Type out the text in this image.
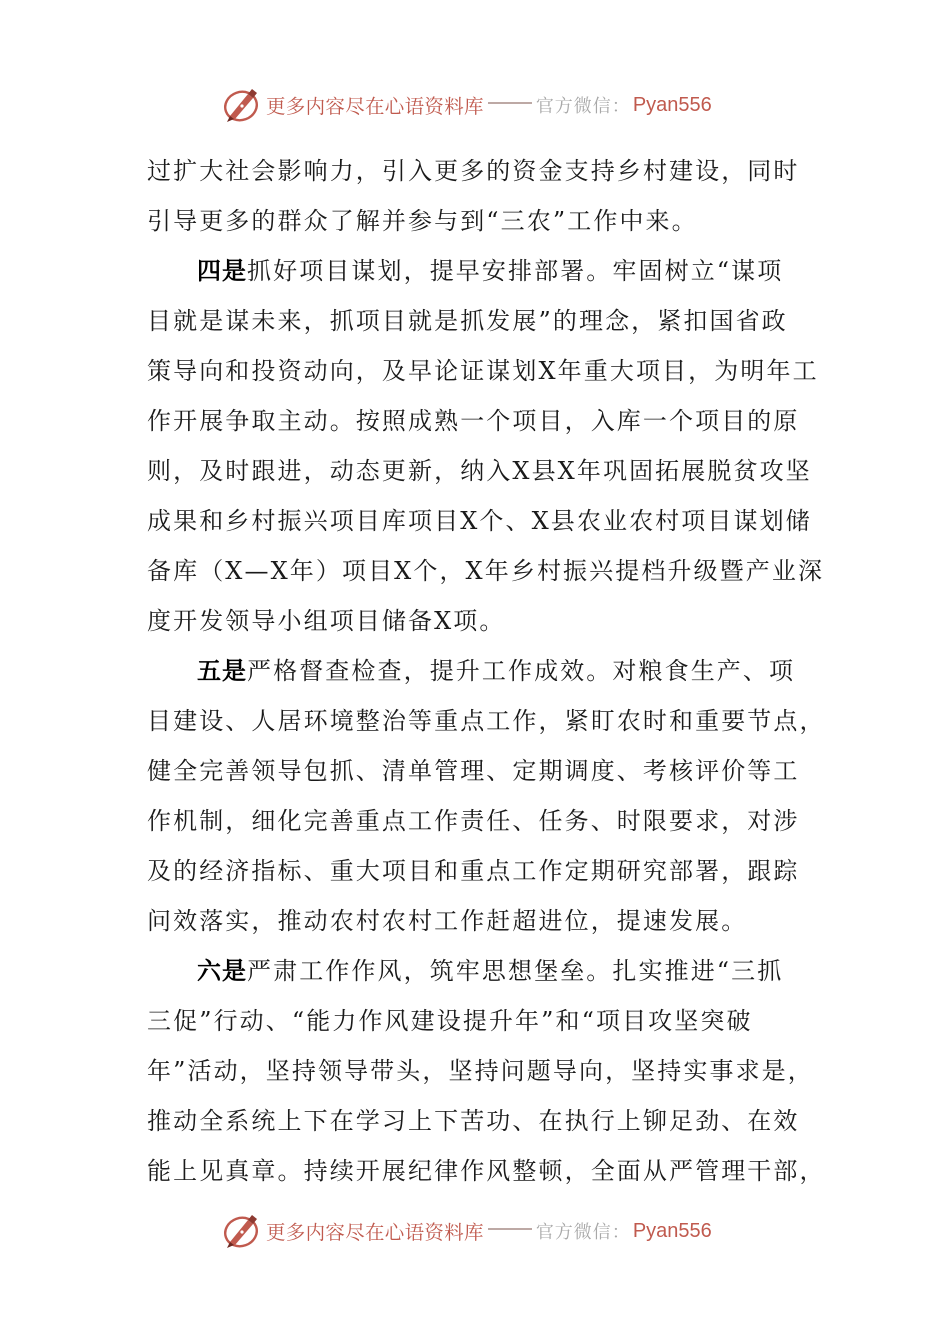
更多内容尽在心语资料库	官方微信： Pyan556
过扩大社会影响力，引入更多的资金支持乡村建设，同时
引导更多的群众了解并参与到“三农”工作中来。
四是抓好项目谋划，提早安排部署。牢固树立“谋项
目就是谋未来，抓项目就是抓发展”的理念，紧扣国省政
策导向和投资动向，及早论证谋划X年重大项目，为明年工
作开展争取主动。按照成熟一个项目，入库一个项目的原
则，及时跟进，动态更新，纳入X县X年巩固拓展脱贫攻坚
成果和乡村振兴项目库项目X个、X县农业农村项目谋划储
备库（X—X年）项目X个，X年乡村振兴提档升级暨产业深
度开发领导小组项目储备X项。
五是严格督查检查，提升工作成效。对粮食生产、项
目建设、人居环境整治等重点工作，紧盯农时和重要节点，
健全完善领导包抓、清单管理、定期调度、考核评价等工
作机制，细化完善重点工作责任、任务、时限要求，对涉
及的经济指标、重大项目和重点工作定期研究部署，跟踪
问效落实，推动农村农村工作赶超进位，提速发展。
六是严肃工作作风，筑牢思想堡垒。扎实推进“三抓
三促”行动、“能力作风建设提升年”和“项目攻坚突破
年”活动，坚持领导带头，坚持问题导向，坚持实事求是，
推动全系统上下在学习上下苦功、在执行上铆足劲、在效
能上见真章。持续开展纪律作风整顿，全面从严管理干部，
更多内容尽在心语资料库	官方微信： Pyan556
